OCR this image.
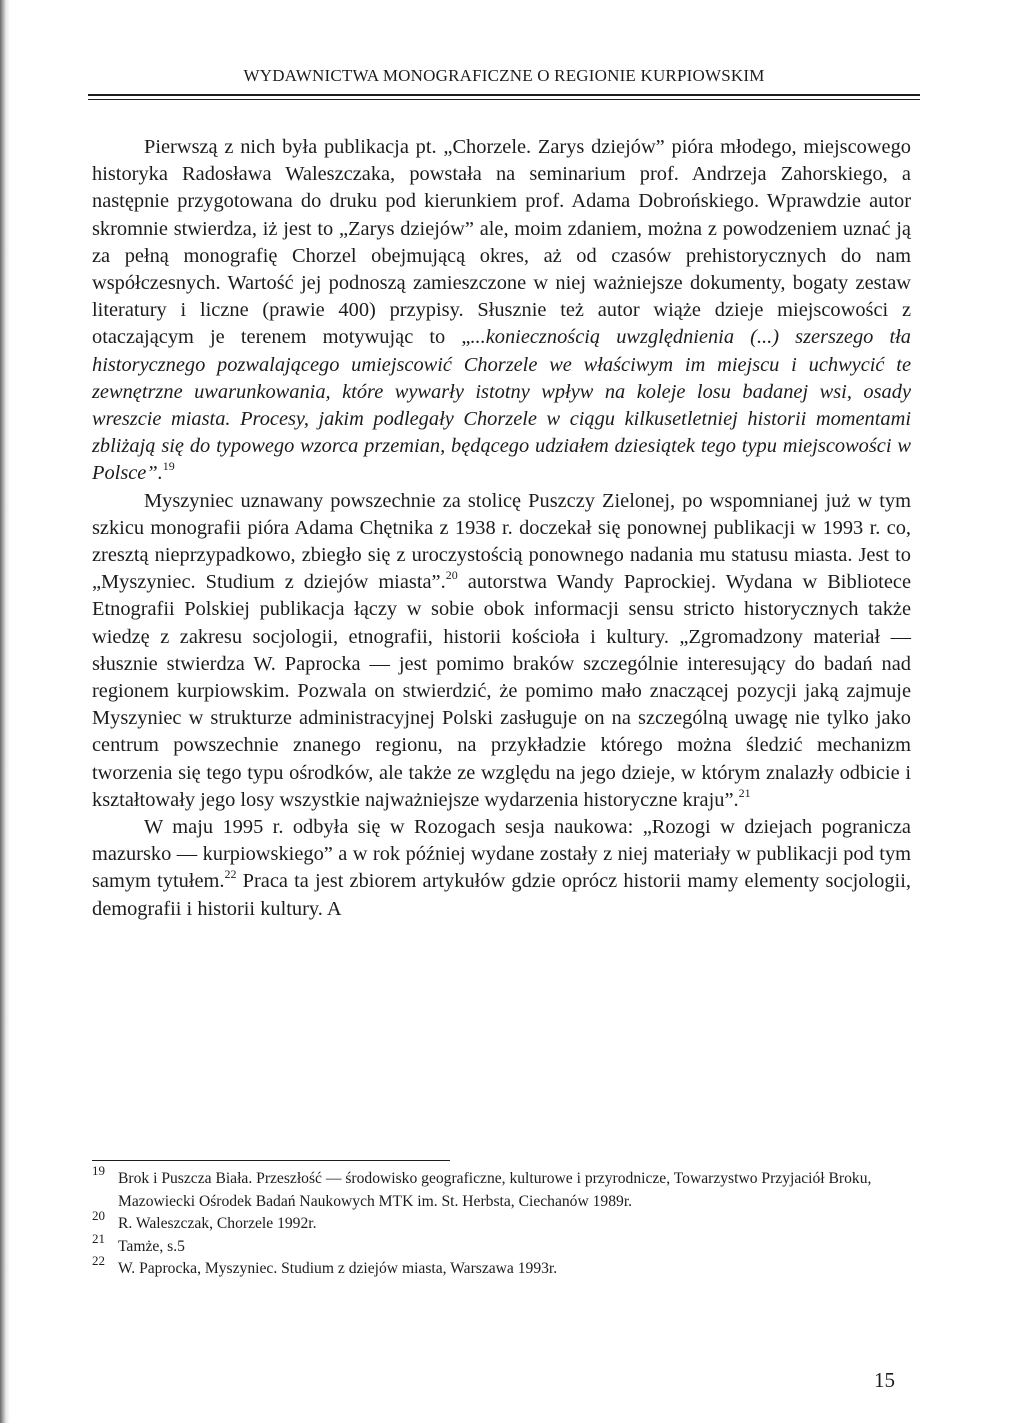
WYDAWNICTWA MONOGRAFICZNE O REGIONIE KURPIOWSKIM

Pierwszą z nich była publikacja pt. „Chorzele. Zarys dziejów” pióra młodego, miejscowego historyka Radosława Waleszczaka, powstała na seminarium prof. Andrzeja Zahorskiego, a następnie przygotowana do druku pod kierunkiem prof. Adama Dobrońskiego. Wprawdzie autor skromnie stwierdza, iż jest to „Zarys dziejów” ale, moim zdaniem, można z powodzeniem uznać ją za pełną monografię Chorzel obejmującą okres, aż od czasów prehistorycznych do nam współczesnych. Wartość jej podnoszą zamieszczone w niej ważniejsze dokumenty, bogaty zestaw literatury i liczne (prawie 400) przypisy. Słusznie też autor wiąże dzieje miejscowości z otaczającym je terenem motywując to „...koniecznością uwzględnienia (...) szerszego tła historycznego pozwalającego umiejscowić Chorzele we właściwym im miejscu i uchwycić te zewnętrzne uwarunkowania, które wywarły istotny wpływ na koleje losu badanej wsi, osady wreszcie miasta. Procesy, jakim podlegały Chorzele w ciągu kilkusetletniej historii momentami zbliżają się do typowego wzorca przemian, będącego udziałem dziesiątek tego typu miejscowości w Polsce”.$^{19}$

Myszyniec uznawany powszechnie za stolicę Puszczy Zielonej, po wspomnianej już w tym szkicu monografii pióra Adama Chętnika z 1938 r. doczekał się ponownej publikacji w 1993 r. co, zresztą nieprzypadkowo, zbiegło się z uroczystością ponownego nadania mu statusu miasta. Jest to „Myszyniec. Studium z dziejów miasta”.$^{20}$ autorstwa Wandy Paprockiej. Wydana w Bibliotece Etnografii Polskiej publikacja łączy w sobie obok informacji sensu stricto historycznych także wiedzę z zakresu socjologii, etnografii, historii kościoła i kultury. „Zgromadzony materiał — słusznie stwierdza W. Paprocka — jest pomimo braków szczególnie interesujący do badań nad regionem kurpiowskim. Pozwala on stwierdzić, że pomimo mało znaczącej pozycji jaką zajmuje Myszyniec w strukturze administracyjnej Polski zasługuje on na szczególną uwagę nie tylko jako centrum powszechnie znanego regionu, na przykładzie którego można śledzić mechanizm tworzenia się tego typu ośrodków, ale także ze względu na jego dzieje, w którym znalazły odbicie i kształtowały jego losy wszystkie najważniejsze wydarzenia historyczne kraju”.$^{21}$

W maju 1995 r. odbyła się w Rozogach sesja naukowa: „Rozogi w dziejach pogranicza mazursko — kurpiowskiego” a w rok później wydane zostały z niej materiały w publikacji pod tym samym tytułem.$^{22}$ Praca ta jest zbiorem artykułów gdzie oprócz historii mamy elementy socjologii, demografii i historii kultury. A

19 Brok i Puszcza Biała. Przeszłość — środowisko geograficzne, kulturowe i przyrodnicze, Towarzystwo Przyjaciół Broku, Mazowiecki Ośrodek Badań Naukowych MTK im. St. Herbsta, Ciechanów 1989r.
20 R. Waleszczak, Chorzele 1992r.
21 Tamże, s.5
22 W. Paprocka, Myszyniec. Studium z dziejów miasta, Warszawa 1993r.
15
